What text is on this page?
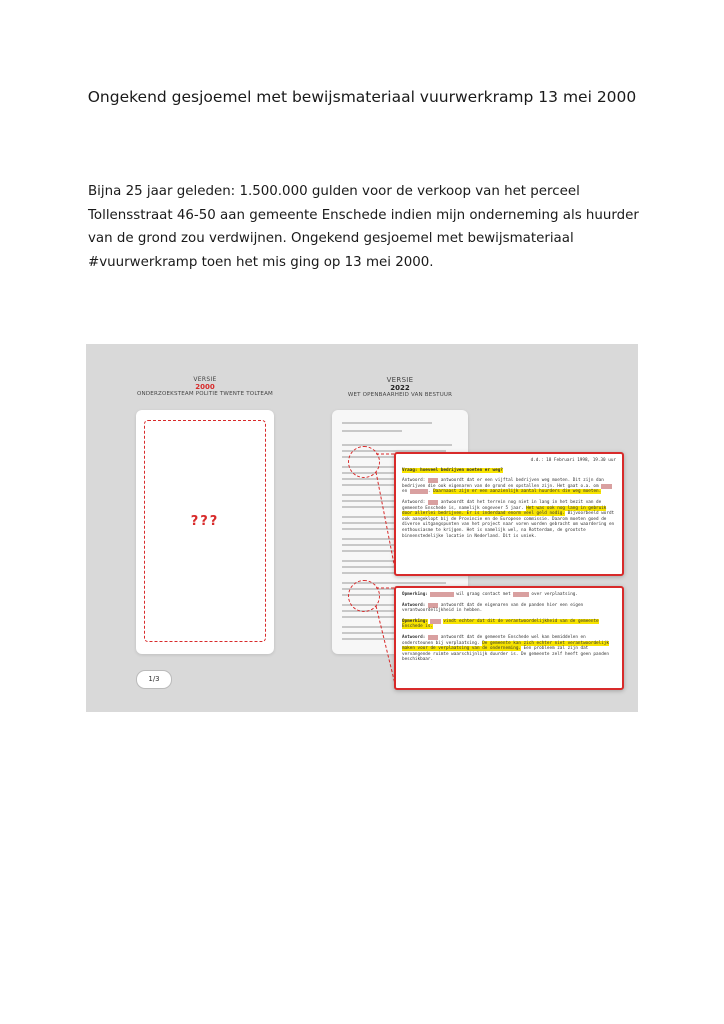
Ongekend gesjoemel met bewijsmateriaal vuurwerkramp 13 mei 2000

Bijna 25 jaar geleden: 1.500.000 gulden voor de verkoop van het perceel Tollensstraat 46-50 aan gemeente Enschede indien mijn onderneming als huurder van de grond zou verdwijnen. Ongekend gesjoemel met bewijsmateriaal #vuurwerkramp toen het mis ging op 13 mei 2000.

VERSIE
2000
ONDERZOEKSTEAM POLITIE TWENTE TOLTEAM
???
1/3
VERSIE
2022
WET OPENBAARHEID VAN BESTUUR
d.d.: 18 Februari 1998, 19.30 uur
Vraag: hoeveel bedrijven moeten er weg?
Antwoord: xxxx antwoordt dat er een vijftal bedrijven weg moeten. Dit zijn dan bedrijven die ook eigenaren van de grond en opstallen zijn. Het gaat o.a. om xxxx en xxxxxxx. Daarnaast zijn er een aanzienlijk aantal huurders die weg moeten.
Antwoord: xxxx antwoordt dat het terrein nog niet in lang in het bezit van de gemeente Enschede is, namelijk ongeveer 5 jaar. Het was ook nog lang in gebruik door allerlei bedrijven. Er is inderdaad enorm veel geld nodig. Bijvoorbeeld wordt ook aangeklopt bij de Provincie en de Europese commissie. Daarom moeten goed de diverse uitgangspunten van het project naar voren worden gebracht om waardering en enthousiasme te krijgen. Het is namelijk wel, na Rotterdam, de grootste binnenstedelijke locatie in Nederland. Dit is uniek.
Opmerking: xxxxxxxxx wil graag contact met xxxxxx over verplaatsing.
Antwoord: xxxx antwoordt dat de eigenaren van de panden hier een eigen verantwoordelijkheid in hebben.
Opmerking: xxxx vindt echter dat dit de verantwoordelijkheid van de gemeente Enschede is.
Antwoord: xxxx antwoordt dat de gemeente Enschede wel kan bemiddelen en ondersteunen bij verplaatsing. De gemeente kan zich echter niet verantwoordelijk maken voor de verplaatsing van de onderneming. Een probleem zal zijn dat vervangende ruimte waarschijnlijk duurder is. De gemeente zelf heeft geen panden beschikbaar.
